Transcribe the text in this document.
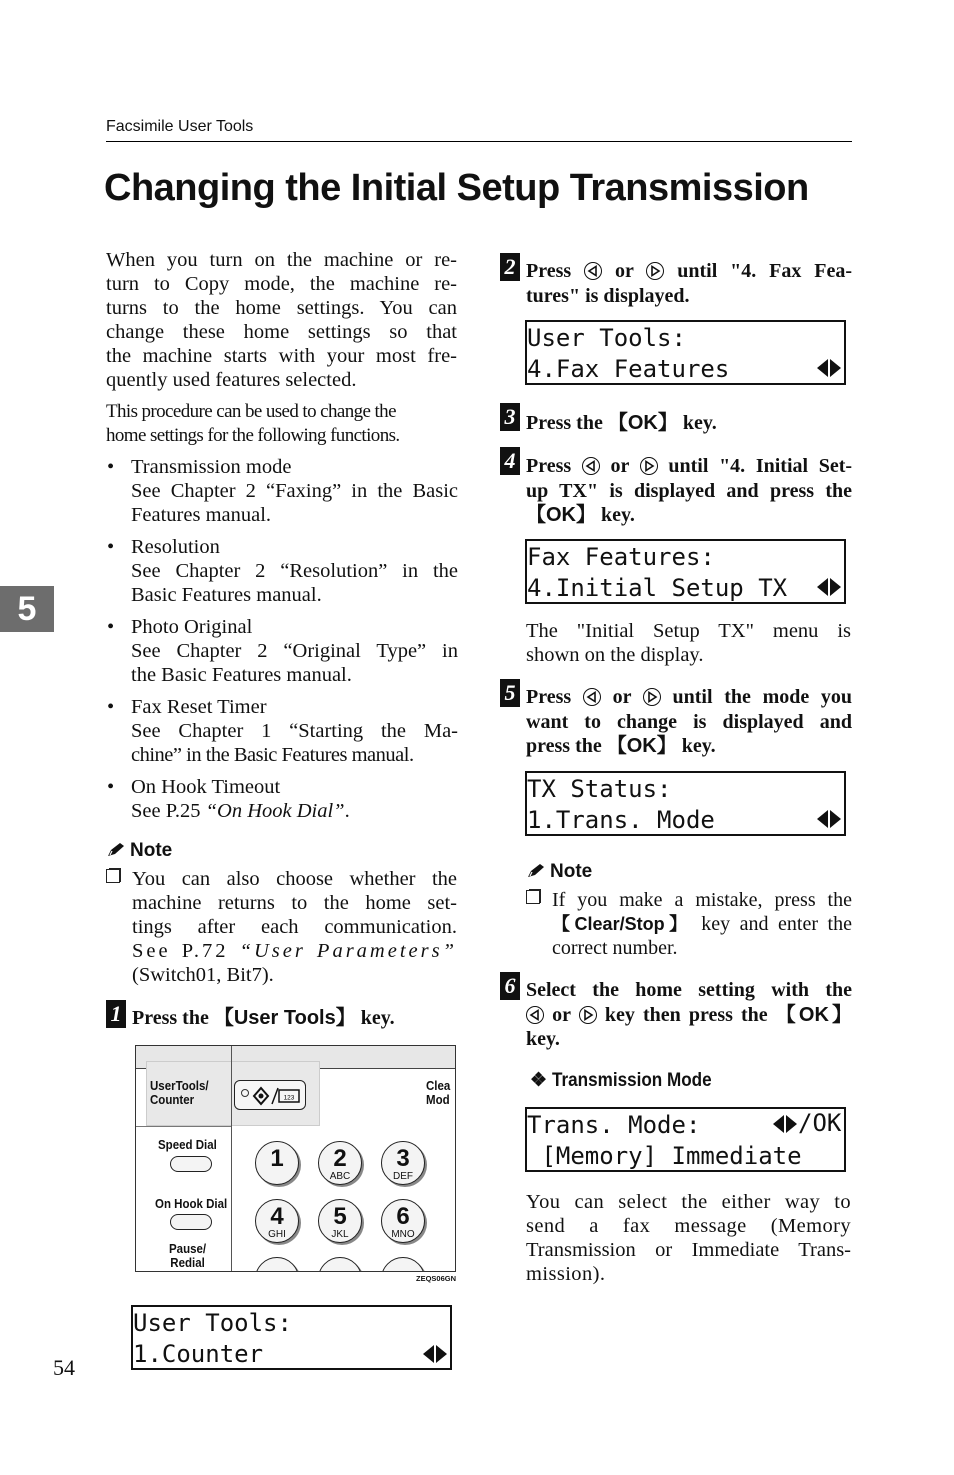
Facsimile User Tools
Changing the Initial Setup Transmission
5
54
When you turn on the machine or re-
turn to Copy mode, the machine re-
turns to the home settings. You can
change these home settings so that
the machine starts with your most fre-
quently used features selected.
This procedure can be used to change the
home settings for the following functions.
• Transmission mode
See Chapter 2 “Faxing” in the Basic
Features manual.
• Resolution
See Chapter 2 “Resolution” in the
Basic Features manual.
• Photo Original
See Chapter 2 “Original Type” in
the Basic Features manual.
• Fax Reset Timer
See Chapter 1 “Starting the Ma-
chine” in the Basic Features manual.
• On Hook Timeout
See P.25 “On Hook Dial”.
Note
You can also choose whether the
machine returns to the home set-
tings after each communication.
See P.72 “User Parameters”
(Switch01, Bit7).
1 Press the 【User Tools】 key.
UserTools/
Counter	123
Clea
Mod
Speed Dial
On Hook Dial
Pause/
Redial
1	2
ABC
3
DEF
4
GHI
5
JKL
6
MNO
ZEQS06GN
User Tools:
1.Counter
2 Press or until "4. Fax Fea-
tures" is displayed.
User Tools:
4.Fax Features
3 Press the 【OK】 key.
4 Press or until "4. Initial Set-
up TX" is displayed and press the
【OK】 key.
Fax Features:
4.Initial Setup TX
The "Initial Setup TX" menu is
shown on the display.
5 Press or until the mode you
want to change is displayed and
press the 【OK】 key.
TX Status:
1.Trans. Mode
Note
If you make a mistake, press the
【Clear/Stop】 key and enter the
correct number.
6 Select the home setting with the
or key then press the 【OK】
key.
❖ Transmission Mode
Trans. Mode:
[Memory] Immediate
/OK
You can select the either way to
send a fax message (Memory
Transmission or Immediate Trans-
mission).
